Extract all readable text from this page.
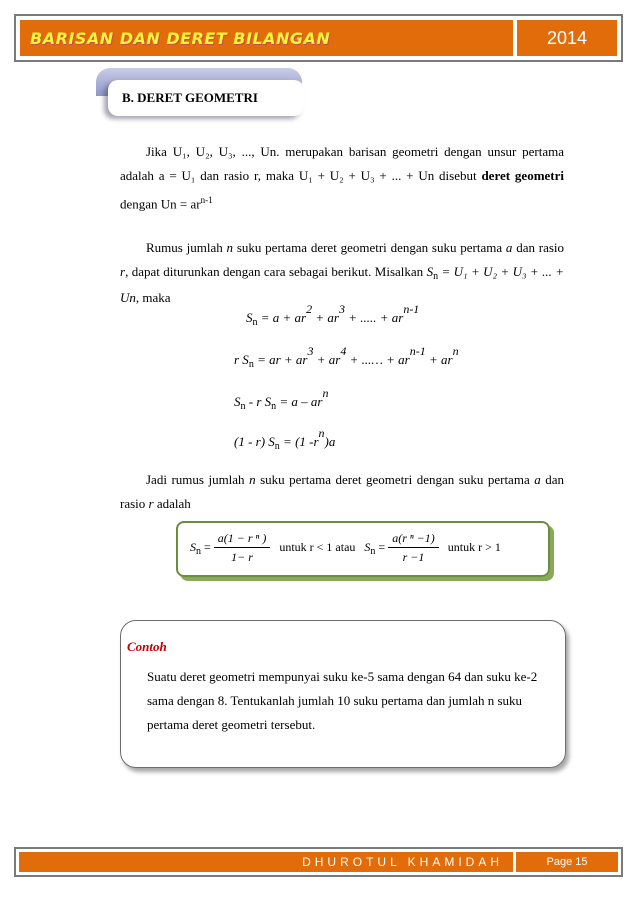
BARISAN DAN DERET BILANGAN	2014
B. DERET GEOMETRI
Jika U₁, U₂, U₃, ..., Un. merupakan barisan geometri dengan unsur pertama adalah a = U₁ dan rasio r, maka U₁ + U₂ + U₃ + ... + Un disebut deret geometri dengan $Un = ar^{n-1}$
Rumus jumlah n suku pertama deret geometri dengan suku pertama a dan rasio r, dapat diturunkan dengan cara sebagai berikut. Misalkan $S_n = U_1 + U_2 + U_3$ + ... + Un, maka
$S_n = a + ar2 + ar3$ + ..... + arn-1
r $S_n$ = ar + ar3 + ar4 + ...… + arn-1 + arn
$S_n$ - r $S_n = a$ – arn
(1 - r) $S_n = (1$ -rn)a
Jadi rumus jumlah n suku pertama deret geometri dengan suku pertama a dan rasio r adalah
$S_n = \frac{\text{a(1 − r ⁿ )}}{1- r}$ untuk r < 1 atau $S_n = \frac{\text{a(r ⁿ −1)}}{r -1}$ untuk r > 1
Contoh
Suatu deret geometri mempunyai suku ke-5 sama dengan 64 dan suku ke-2 sama dengan 8. Tentukanlah jumlah 10 suku pertama dan jumlah n suku pertama deret geometri tersebut.
DHUROTUL KHAMIDAH	Page 15
